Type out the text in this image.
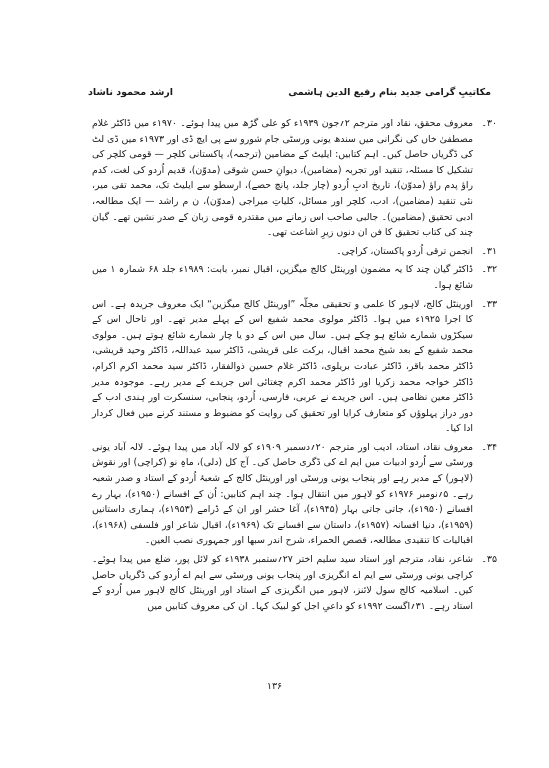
ارشد محمود ناشاد	مکاتیبِ گرامی جدید بنام رفیع الدین ہاشمی
۳۰۔
معروف محقق، نقاد اور مترجم ۲؍جون ۱۹۳۹ء کو علی گڑھ میں پیدا ہوئے۔ ۱۹۷۰ء میں ڈاکٹر غلام مصطفیٰ خاں کی نگرانی میں سندھ یونی ورسٹی جام شورو سے پی ایچ ڈی اور ۱۹۷۳ء میں ڈی لٹ کی ڈگریاں حاصل کیں۔ اہم کتابیں: ایلیٹ کے مضامین (ترجمہ)، پاکستانی کلچر — قومی کلچر کی تشکیل کا مسئلہ، تنقید اور تجربہ (مضامین)، دیوانِ حسن شوقی (مدوّن)، قدیم اُردو کی لغت، کدم راؤ پدم راؤ (مدوّن)، تاریخ ادبِ اُردو (چار جلد، پانچ حصے)، ارسطو سے ایلیٹ تک، محمد تقی میر، نئی تنقید (مضامین)، ادب، کلچر اور مسائل، کلیاتِ میراجی (مدوّن)، ن م راشد — ایک مطالعہ، ادبی تحقیق (مضامین)۔ جالبی صاحب اس زمانے میں مقتدرہ قومی زبان کے صدر نشین تھے۔ گیان چند کی کتاب تحقیق کا فن ان دنوں زیرِ اشاعت تھی۔
۳۱۔
انجمن ترقی اُردو پاکستان، کراچی۔
۳۲۔
ڈاکٹر گیان چند کا یہ مضمون اورینٹل کالج میگزین، اقبال نمبر، بابت: ۱۹۸۹ء جلد ۶۸ شمارہ ۱ میں شائع ہوا۔
۳۳۔
اورینٹل کالج، لاہور کا علمی و تحقیقی مجلّہ ”اورینٹل کالج میگزین“ ایک معروف جریدہ ہے۔ اس کا اجرا ۱۹۲۵ء میں ہوا۔ ڈاکٹر مولوی محمد شفیع اس کے پہلے مدیر تھے۔ اور تاحال اس کے سیکڑوں شمارے شائع ہو چکے ہیں۔ سال میں اس کے دو یا چار شمارے شائع ہوتے ہیں۔ مولوی محمد شفیع کے بعد شیخ محمد اقبال، برکت علی قریشی، ڈاکٹر سید عبداللہ، ڈاکٹر وحید قریشی، ڈاکٹر محمد باقر، ڈاکٹر عبادت بریلوی، ڈاکٹر غلام حسین ذوالفقار، ڈاکٹر سید محمد اکرم اکرام، ڈاکٹر خواجہ محمد زکریا اور ڈاکٹر محمد اکرم چغتائی اس جریدے کے مدیر رہے۔ موجودہ مدیر ڈاکٹر معین نظامی ہیں۔ اس جریدے نے عربی، فارسی، اُردو، پنجابی، سنسکرت اور ہندی ادب کے دور دراز پہلوؤں کو متعارف کرایا اور تحقیق کی روایت کو مضبوط و مستند کرنے میں فعال کردار ادا کیا۔
۳۴۔
معروف نقاد، استاد، ادیب اور مترجم ۲۰؍دسمبر ۱۹۰۹ء کو لالہ آباد میں پیدا ہوئے۔ لالہ آباد یونی ورسٹی سے اُردو ادبیات میں ایم اے کی ڈگری حاصل کی۔ آج کل (دلی)، ماہِ نو (کراچی) اور نقوش (لاہور) کے مدیر رہے اور پنجاب یونی ورسٹی اور اورینٹل کالج کے شعبۂ اُردو کے استاد و صدر شعبہ رہے۔ ۵؍نومبر ۱۹۷۶ء کو لاہور میں انتقال ہوا۔ چند اہم کتابیں: اُن کے افسانے (۱۹۵۰ء)، بہار رے افسانے (۱۹۵۰ء)، جاتی جاتی بہار (۱۹۴۵ء)، آغا حشر اور ان کے ڈرامے (۱۹۵۳ء)، ہماری داستانیں (۱۹۵۹ء)، دنیا افسانہ (۱۹۵۷ء)، داستان سے افسانے تک (۱۹۶۹ء)، اقبال شاعر اور فلسفی (۱۹۶۸ء)، اقبالیات کا تنقیدی مطالعہ، قصص الحمراء، شرح اندر سبھا اور جمہوری نصب العین۔
۳۵۔
شاعر، نقاد، مترجم اور استاد سید سلیم اختر ۲۷؍ستمبر ۱۹۳۸ء کو لائل پور، ضلع میں پیدا ہوئے۔ کراچی یونی ورسٹی سے ایم اے انگریزی اور پنجاب یونی ورسٹی سے ایم اے اُردو کی ڈگریاں حاصل کیں۔ اسلامیہ کالج سول لائنز، لاہور میں انگریزی کے استاد اور اورینٹل کالج لاہور میں اُردو کے استاد رہے۔ ۳۱؍اگست ۱۹۹۲ء کو داعیِ اجل کو لبیک کہا۔ ان کی معروف کتابیں میں
۱۳۶
